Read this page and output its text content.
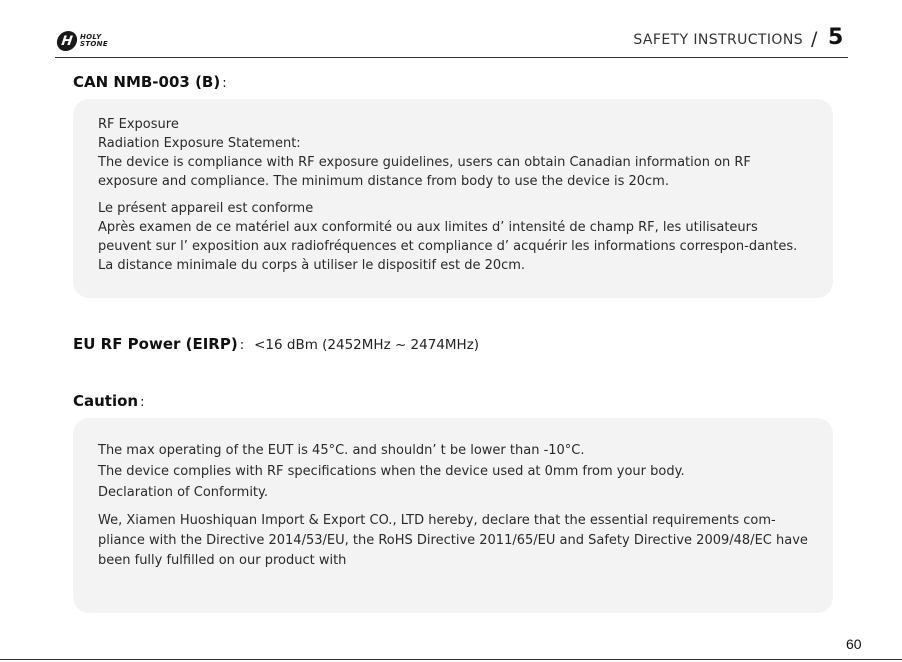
H HOLY
STONE	SAFETY INSTRUCTIONS / 5
CAN NMB-003 (B) :

RF Exposure

Radiation Exposure Statement:

The device is compliance with RF exposure guidelines, users can obtain Canadian information on RF exposure and compliance. The minimum distance from body to use the device is 20cm.

Le présent appareil est conforme

Après examen de ce matériel aux conformité ou aux limites d’ intensité de champ RF, les utilisateurs peuvent sur l’ exposition aux radiofréquences et compliance d’ acquérir les informations correspon-dantes. La distance minimale du corps à utiliser le dispositif est de 20cm.

EU RF Power (EIRP) : <16 dBm (2452MHz ~ 2474MHz)
Caution :

The max operating of the EUT is 45°C. and shouldn’ t be lower than -10°C.

The device complies with RF specifications when the device used at 0mm from your body.

Declaration of Conformity.

We, Xiamen Huoshiquan Import & Export CO., LTD hereby, declare that the essential requirements com-pliance with the Directive 2014/53/EU, the RoHS Directive 2011/65/EU and Safety Directive 2009/48/EC have been fully fulfilled on our product with

60
